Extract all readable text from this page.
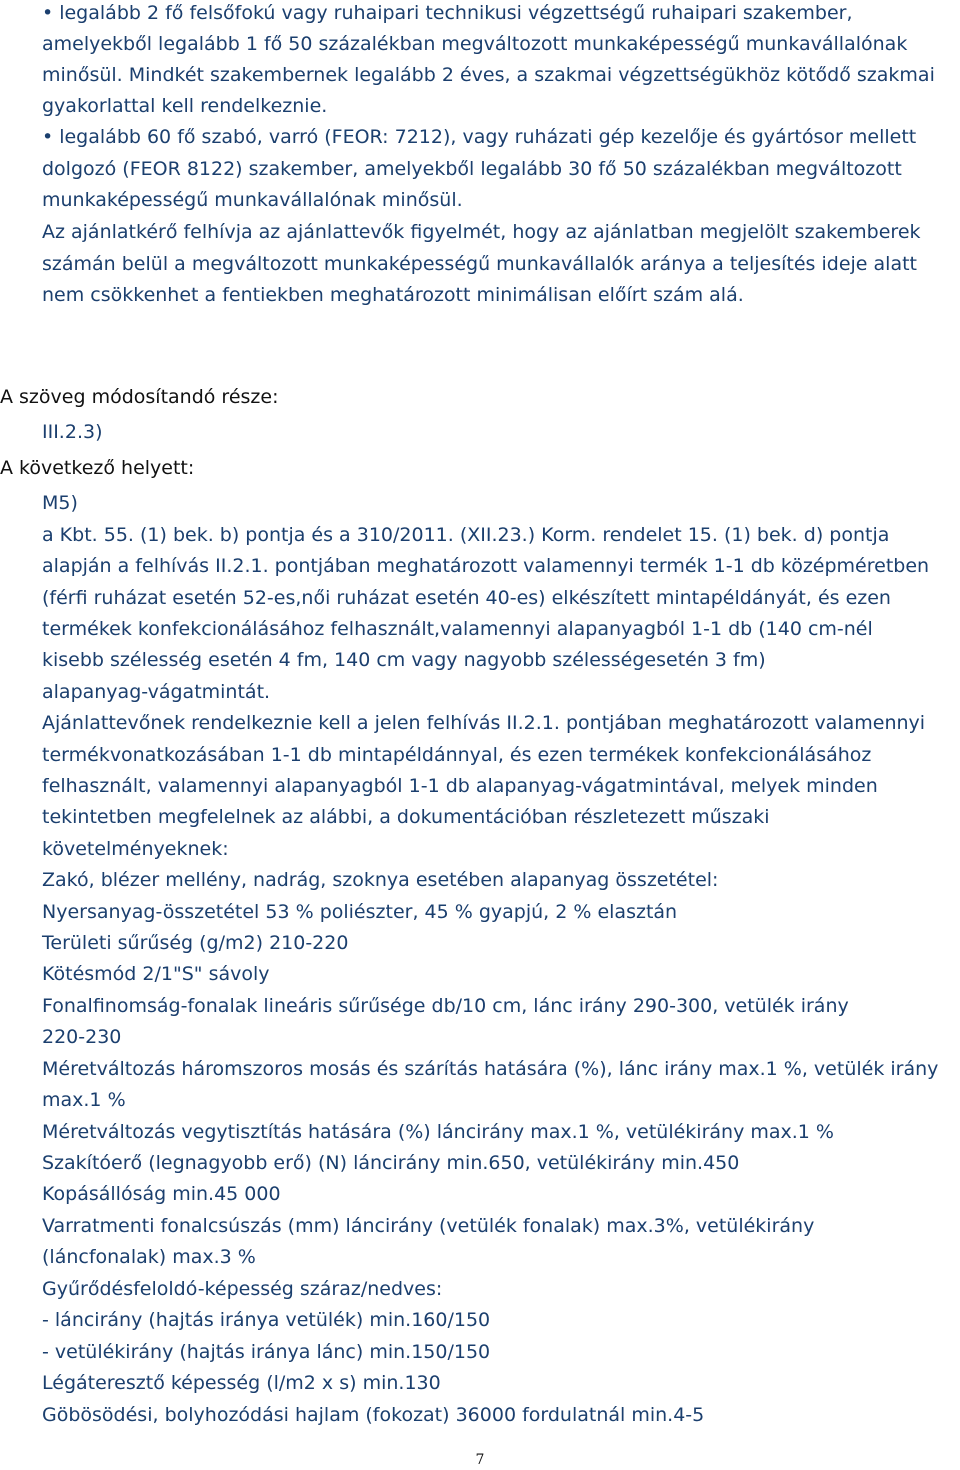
• legalább 2 fő felsőfokú vagy ruhaipari technikusi végzettségű ruhaipari szakember,
amelyekből legalább 1 fő 50 százalékban megváltozott munkaképességű munkavállalónak
minősül. Mindkét szakembernek legalább 2 éves, a szakmai végzettségükhöz kötődő szakmai
gyakorlattal kell rendelkeznie.
• legalább 60 fő szabó, varró (FEOR: 7212), vagy ruházati gép kezelője és gyártósor mellett
dolgozó (FEOR 8122) szakember, amelyekből legalább 30 fő 50 százalékban megváltozott
munkaképességű munkavállalónak minősül.
Az ajánlatkérő felhívja az ajánlattevők figyelmét, hogy az ajánlatban megjelölt szakemberek
számán belül a megváltozott munkaképességű munkavállalók aránya a teljesítés ideje alatt
nem csökkenhet a fentiekben meghatározott minimálisan előírt szám alá.
A szöveg módosítandó része:
III.2.3)
A következő helyett:
M5)
a Kbt. 55. (1) bek. b) pontja és a 310/2011. (XII.23.) Korm. rendelet 15. (1) bek. d) pontja
alapján a felhívás II.2.1. pontjában meghatározott valamennyi termék 1-1 db középméretben
(férfi ruházat esetén 52-es,női ruházat esetén 40-es) elkészített mintapéldányát, és ezen
termékek konfekcionálásához felhasznált,valamennyi alapanyagból 1-1 db (140 cm-nél
kisebb szélesség esetén 4 fm, 140 cm vagy nagyobb szélességesetén 3 fm)
alapanyag-vágatmintát.
Ajánlattevőnek rendelkeznie kell a jelen felhívás II.2.1. pontjában meghatározott valamennyi
termékvonatkozásában 1-1 db mintapéldánnyal, és ezen termékek konfekcionálásához
felhasznált, valamennyi alapanyagból 1-1 db alapanyag-vágatmintával, melyek minden
tekintetben megfelelnek az alábbi, a dokumentációban részletezett műszaki
követelményeknek:
Zakó, blézer mellény, nadrág, szoknya esetében alapanyag összetétel:
Nyersanyag-összetétel 53 % poliészter, 45 % gyapjú, 2 % elasztán
Területi sűrűség (g/m2) 210-220
Kötésmód 2/1"S" sávoly
Fonalfinomság-fonalak lineáris sűrűsége db/10 cm, lánc irány 290-300, vetülék irány
220-230
Méretváltozás háromszoros mosás és szárítás hatására (%), lánc irány max.1 %, vetülék irány
max.1 %
Méretváltozás vegytisztítás hatására (%) láncirány max.1 %, vetülékirány max.1 %
Szakítóerő (legnagyobb erő) (N) láncirány min.650, vetülékirány min.450
Kopásállóság min.45 000
Varratmenti fonalcsúszás (mm) láncirány (vetülék fonalak) max.3%, vetülékirány
(láncfonalak) max.3 %
Gyűrődésfeloldó-képesség száraz/nedves:
- láncirány (hajtás iránya vetülék) min.160/150
- vetülékirány (hajtás iránya lánc) min.150/150
Légáteresztő képesség (l/m2 x s) min.130
Göbösödési, bolyhozódási hajlam (fokozat) 36000 fordulatnál min.4-5
7
